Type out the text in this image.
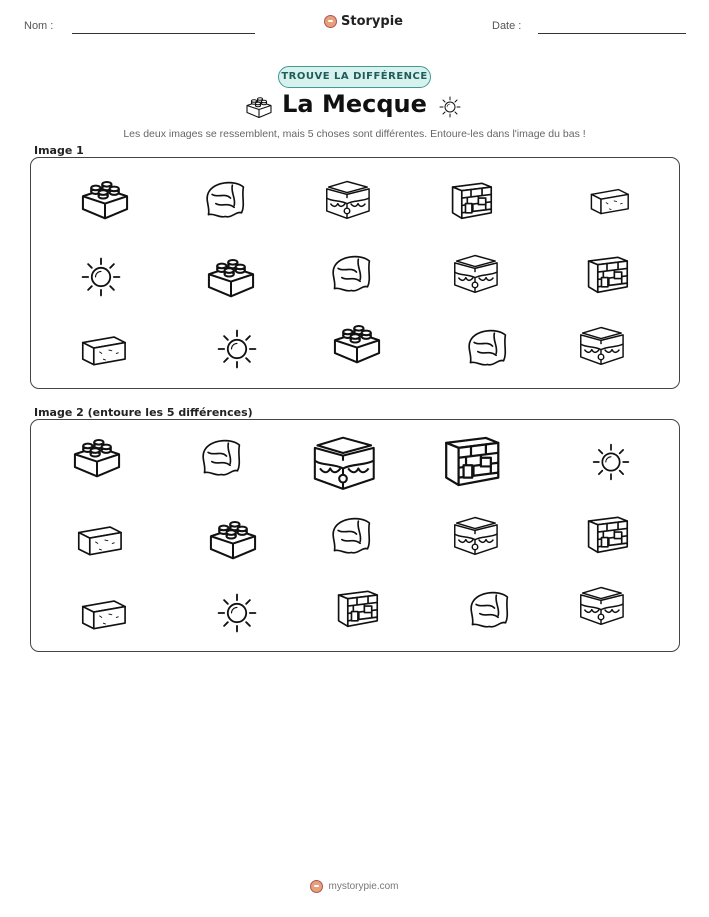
Nom :	Storypie	Date :
TROUVE LA DIFFÉRENCE
La Mecque
Les deux images se ressemblent, mais 5 choses sont différentes. Entoure-les dans l'image du bas !
Image 1
Image 2 (entoure les 5 différences)
mystorypie.com
